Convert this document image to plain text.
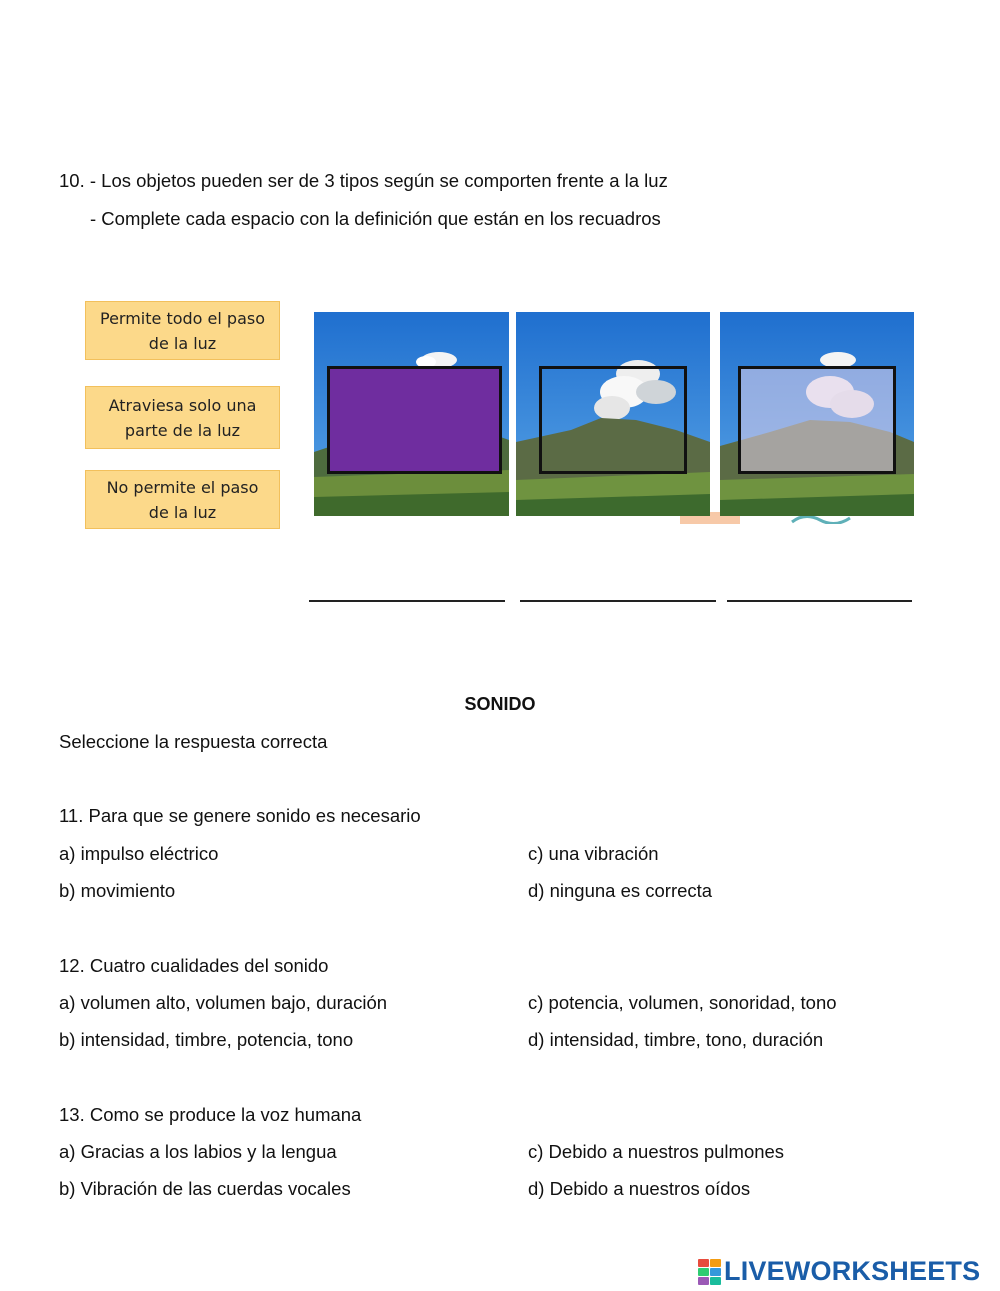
10. - Los objetos pueden ser de 3 tipos según se comporten frente a la luz
- Complete cada espacio con la definición que están en los recuadros
Permite todo el paso
de la luz
Atraviesa solo una
parte de la luz
No permite el paso
de la luz
SONIDO
Seleccione la respuesta correcta
11. Para que se genere sonido es necesario
a) impulso eléctrico
b) movimiento
c) una vibración
d) ninguna es correcta
12. Cuatro cualidades del sonido
a) volumen alto, volumen bajo, duración
b) intensidad, timbre, potencia, tono
c) potencia, volumen, sonoridad, tono
d) intensidad, timbre, tono, duración
13. Como se produce la voz humana
a) Gracias a los labios y la lengua
b) Vibración de las cuerdas vocales
c) Debido a nuestros pulmones
d) Debido a nuestros oídos
LIVEWORKSHEETS
